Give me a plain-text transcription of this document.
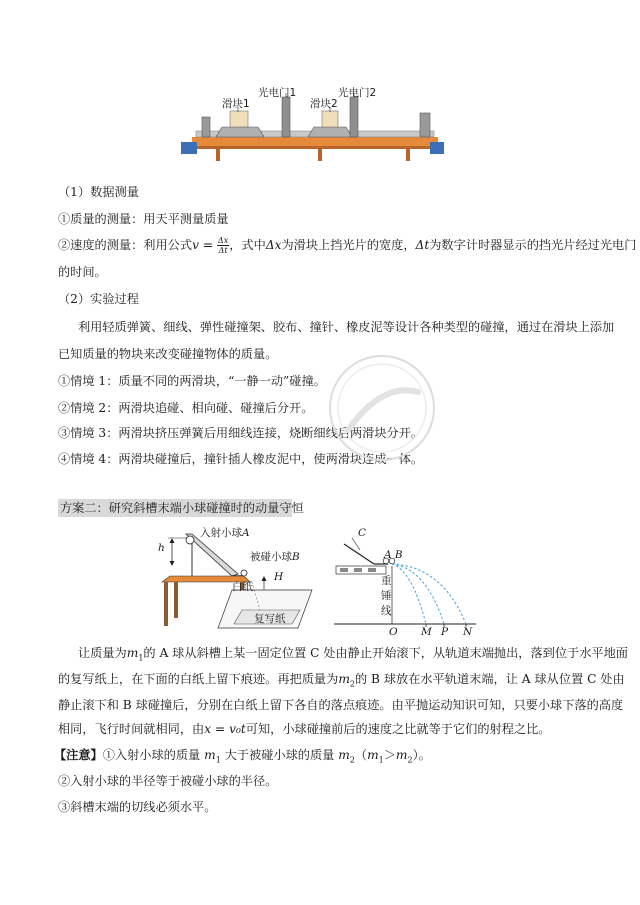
滑块1
光电门1
滑块2
光电门2
（1）数据测量
①质量的测量：用天平测量质量
②速度的测量：利用公式$v = \frac{\Delta x}{\Delta t}$ ，式中Δx为滑块上挡光片的宽度，Δt为数字计时器显示的挡光片经过光电门
的时间。
（2）实验过程
利用轻质弹簧、细线、弹性碰撞架、胶布、撞针、橡皮泥等设计各种类型的碰撞，通过在滑块上添加
已知质量的物块来改变碰撞物体的质量。
①情境 1：质量不同的两滑块，“一静一动”碰撞。
②情境 2：两滑块追碰、相向碰、碰撞后分开。
③情境 3：两滑块挤压弹簧后用细线连接，烧断细线后两滑块分开。
④情境 4：两滑块碰撞后，撞针插人橡皮泥中，使两滑块连成一体。
方案二：研究斜槽末端小球碰撞时的动量守恒
入射小球A
h
被碰小球B
白纸
H
复写纸
C
A B
重
锤
线
O M P N
让质量为$m_1$的 A 球从斜槽上某一固定位置 C 处由静止开始滚下，从轨道末端抛出，落到位于水平地面
的复写纸上，在下面的白纸上留下痕迹。再把质量为$m_2$的 B 球放在水平轨道末端，让 A 球从位置 C 处由
静止滚下和 B 球碰撞后，分别在白纸上留下各自的落点痕迹。由平抛运动知识可知，只要小球下落的高度
相同，飞行时间就相同，由x = v₀t可知，小球碰撞前后的速度之比就等于它们的射程之比。
【注意】①入射小球的质量 $m_1$ 大于被碰小球的质量 $m_2(m_1>m_2)$。
②入射小球的半径等于被碰小球的半径。
③斜槽末端的切线必须水平。
